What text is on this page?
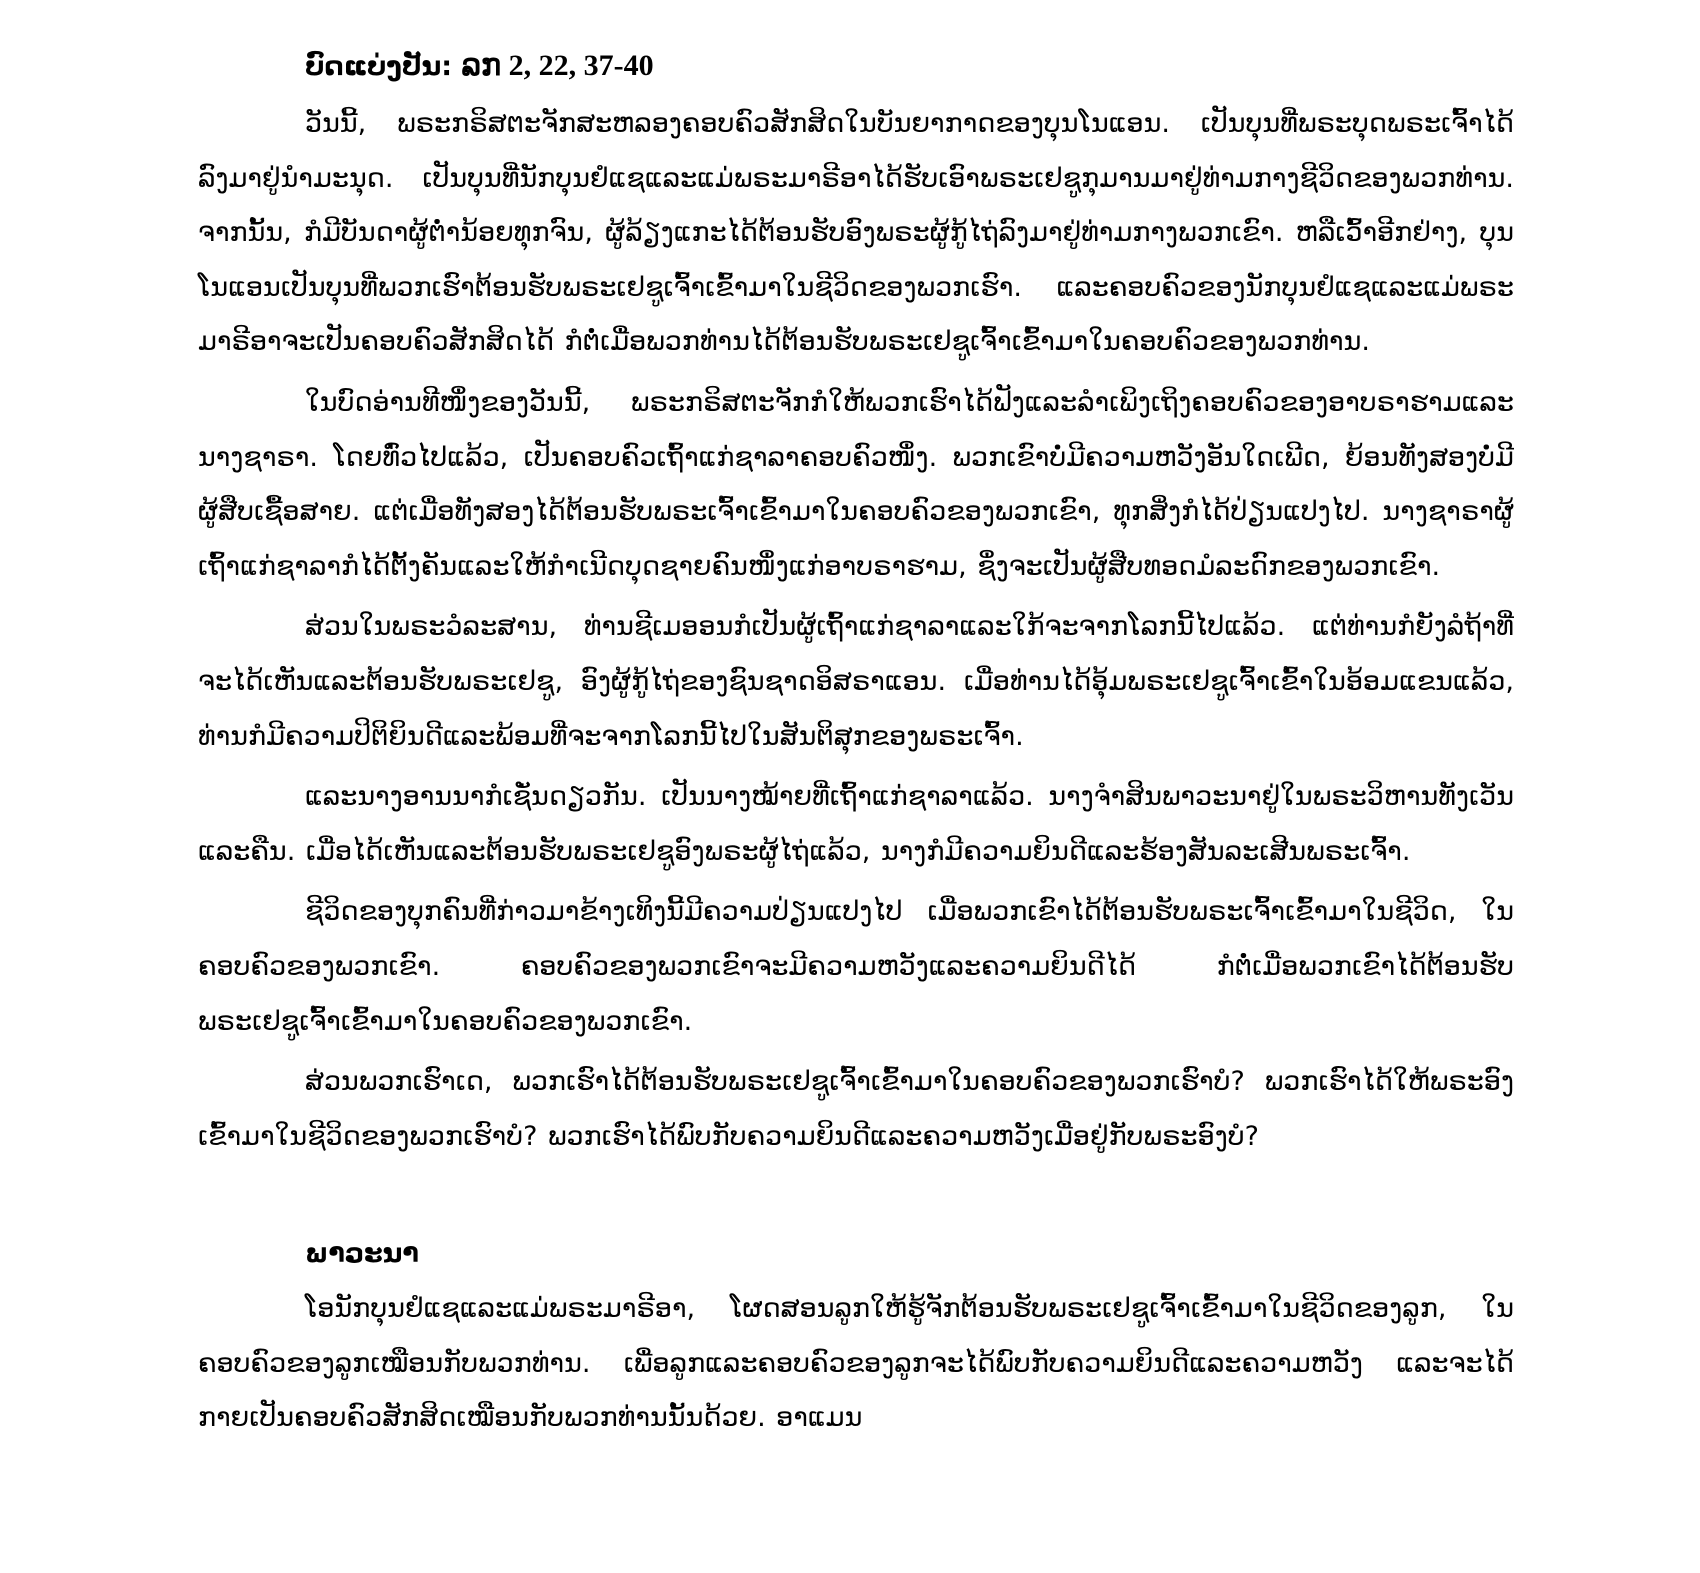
ບົດແບ່ງປັນ: ລກ 2, 22, 37-40

ວັນນີ້, ພຣະກຣິສຕະຈັກສະຫລອງຄອບຄົວສັກສິດໃນບັນຍາກາດຂອງບຸນໂນແອນ. ເປັນບຸນທີ່ພຣະບຸດພຣະເຈົ້າໄດ້ລົງມາຢູ່ນຳມະນຸດ. ເປັນບຸນທີ່ນັກບຸນຢໍແຊແລະແມ່ພຣະມາຣີອາໄດ້ຮັບເອົາພຣະເຢຊູກຸມານມາຢູ່ທ່າມກາງຊີວິດຂອງພວກທ່ານ. ຈາກນັ້ນ, ກໍມີບັນດາຜູ້ຕ່ຳນ້ອຍທຸກຈົນ, ຜູ້ລ້ຽງແກະໄດ້ຕ້ອນຮັບອົງພຣະຜູ້ກູ້ໄຖ່ລົງມາຢູ່ທ່າມກາງພວກເຂົາ. ຫລືເວົ້າອີກຢ່າງ, ບຸນໂນແອນເປັນບຸນທີ່ພວກເຮົາຕ້ອນຮັບພຣະເຢຊູເຈົ້າເຂົ້າມາໃນຊີວິດຂອງພວກເຮົາ. ແລະຄອບຄົວຂອງນັກບຸນຢໍແຊແລະແມ່ພຣະມາຣີອາຈະເປັນຄອບຄົວສັກສິດໄດ້ ກໍຕໍ່ເມື່ອພວກທ່ານໄດ້ຕ້ອນຮັບພຣະເຢຊູເຈົ້າເຂົ້າມາໃນຄອບຄົວຂອງພວກທ່ານ.

ໃນບົດອ່ານທີໜຶ່ງຂອງວັນນີ້, ພຣະກຣິສຕະຈັກກໍໃຫ້ພວກເຮົາໄດ້ຟັງແລະລຳເພິງເຖິງຄອບຄົວຂອງອາບຣາຮາມແລະນາງຊາຣາ. ໂດຍທົ່ວໄປແລ້ວ, ເປັນຄອບຄົວເຖົ້າແກ່ຊາລາຄອບຄົວໜຶ່ງ. ພວກເຂົາບໍ່ມີຄວາມຫວັງອັນໃດເພີດ, ຍ້ອນທັງສອງບໍ່ມີຜູ້ສືບເຊື້ອສາຍ. ແຕ່ເມື່ອທັງສອງໄດ້ຕ້ອນຮັບພຣະເຈົ້າເຂົ້າມາໃນຄອບຄົວຂອງພວກເຂົາ, ທຸກສິ່ງກໍໄດ້ປ່ຽນແປງໄປ. ນາງຊາຣາຜູ້ເຖົ້າແກ່ຊາລາກໍໄດ້ຕັ້ງຄັນແລະໃຫ້ກຳເນີດບຸດຊາຍຄົນໜຶ່ງແກ່ອາບຣາຮາມ, ຊຶ່ງຈະເປັນຜູ້ສືບທອດມໍລະດົກຂອງພວກເຂົາ.

ສ່ວນໃນພຣະວໍລະສານ, ທ່ານຊີເມອອນກໍເປັນຜູ້ເຖົ້າແກ່ຊາລາແລະໃກ້ຈະຈາກໂລກນີ້ໄປແລ້ວ. ແຕ່ທ່ານກໍຍັງລໍຖ້າທີ່ຈະໄດ້ເຫັນແລະຕ້ອນຮັບພຣະເຢຊູ, ອົງຜູ້ກູ້ໄຖ່ຂອງຊົນຊາດອິສຣາແອນ. ເມື່ອທ່ານໄດ້ອຸ້ມພຣະເຢຊູເຈົ້າເຂົ້າໃນອ້ອມແຂນແລ້ວ, ທ່ານກໍມີຄວາມປິຕິຍິນດີແລະພ້ອມທີ່ຈະຈາກໂລກນີ້ໄປໃນສັນຕິສຸກຂອງພຣະເຈົ້າ.

ແລະນາງອານນາກໍເຊັ່ນດຽວກັນ. ເປັນນາງໝ້າຍທີ່ເຖົ້າແກ່ຊາລາແລ້ວ. ນາງຈຳສິນພາວະນາຢູ່ໃນພຣະວິຫານທັງເວັນແລະຄືນ. ເມື່ອໄດ້ເຫັນແລະຕ້ອນຮັບພຣະເຢຊູອົງພຣະຜູ້ໄຖ່ແລ້ວ, ນາງກໍມີຄວາມຍິນດີແລະຮ້ອງສັນລະເສີນພຣະເຈົ້າ.

ຊີວິດຂອງບຸກຄົນທີ່ກ່າວມາຂ້າງເທິງນີ້ມີຄວາມປ່ຽນແປງໄປ ເມື່ອພວກເຂົາໄດ້ຕ້ອນຮັບພຣະເຈົ້າເຂົ້າມາໃນຊີວິດ, ໃນຄອບຄົວຂອງພວກເຂົາ. ຄອບຄົວຂອງພວກເຂົາຈະມີຄວາມຫວັງແລະຄວາມຍິນດີໄດ້ ກໍຕໍ່ເມື່ອພວກເຂົາໄດ້ຕ້ອນຮັບພຣະເຢຊູເຈົ້າເຂົ້າມາໃນຄອບຄົວຂອງພວກເຂົາ.

ສ່ວນພວກເຮົາເດ, ພວກເຮົາໄດ້ຕ້ອນຮັບພຣະເຢຊູເຈົ້າເຂົ້າມາໃນຄອບຄົວຂອງພວກເຮົາບໍ? ພວກເຮົາໄດ້ໃຫ້ພຣະອົງເຂົ້າມາໃນຊີວິດຂອງພວກເຮົາບໍ? ພວກເຮົາໄດ້ພົບກັບຄວາມຍິນດີແລະຄວາມຫວັງເມື່ອຢູ່ກັບພຣະອົງບໍ?

ພາວະນາ

ໂອນັກບຸນຢໍແຊແລະແມ່ພຣະມາຣີອາ, ໂຜດສອນລູກໃຫ້ຮູ້ຈັກຕ້ອນຮັບພຣະເຢຊູເຈົ້າເຂົ້າມາໃນຊີວິດຂອງລູກ, ໃນຄອບຄົວຂອງລູກເໝືອນກັບພວກທ່ານ. ເພື່ອລູກແລະຄອບຄົວຂອງລູກຈະໄດ້ພົບກັບຄວາມຍິນດີແລະຄວາມຫວັງ ແລະຈະໄດ້ກາຍເປັນຄອບຄົວສັກສິດເໝືອນກັບພວກທ່ານນັ້ນດ້ວຍ. ອາແມນ
